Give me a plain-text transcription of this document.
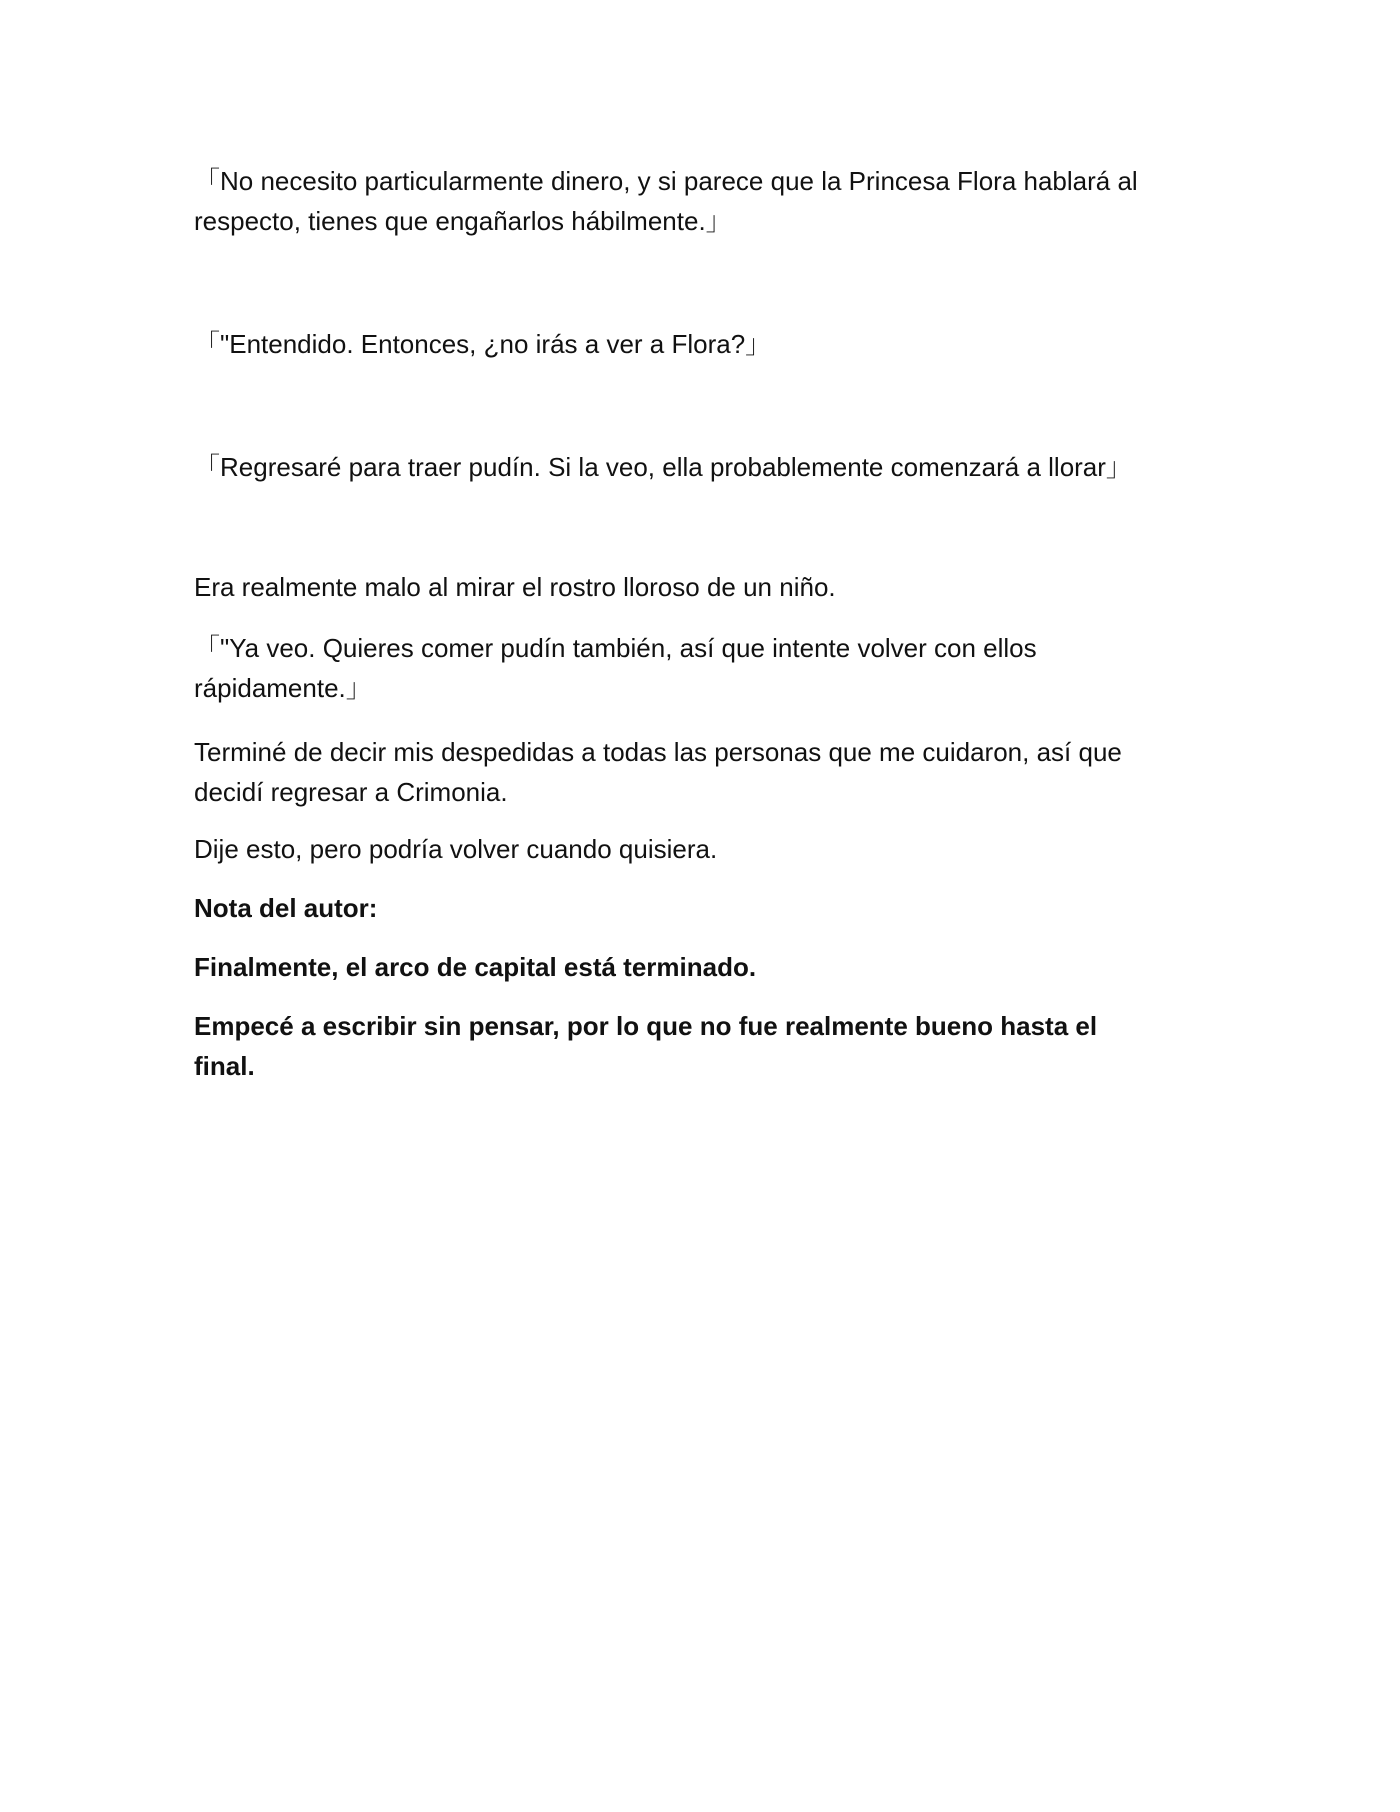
「No necesito particularmente dinero, y si parece que la Princesa Flora hablará al
respecto, tienes que engañarlos hábilmente.」
「"Entendido. Entonces, ¿no irás a ver a Flora?」
「Regresaré para traer pudín. Si la veo, ella probablemente comenzará a llorar」
Era realmente malo al mirar el rostro lloroso de un niño.
「"Ya veo. Quieres comer pudín también, así que intente volver con ellos
rápidamente.」
Terminé de decir mis despedidas a todas las personas que me cuidaron, así que
decidí regresar a Crimonia.
Dije esto, pero podría volver cuando quisiera.
Nota del autor:
Finalmente, el arco de capital está terminado.
Empecé a escribir sin pensar, por lo que no fue realmente bueno hasta el
final.
